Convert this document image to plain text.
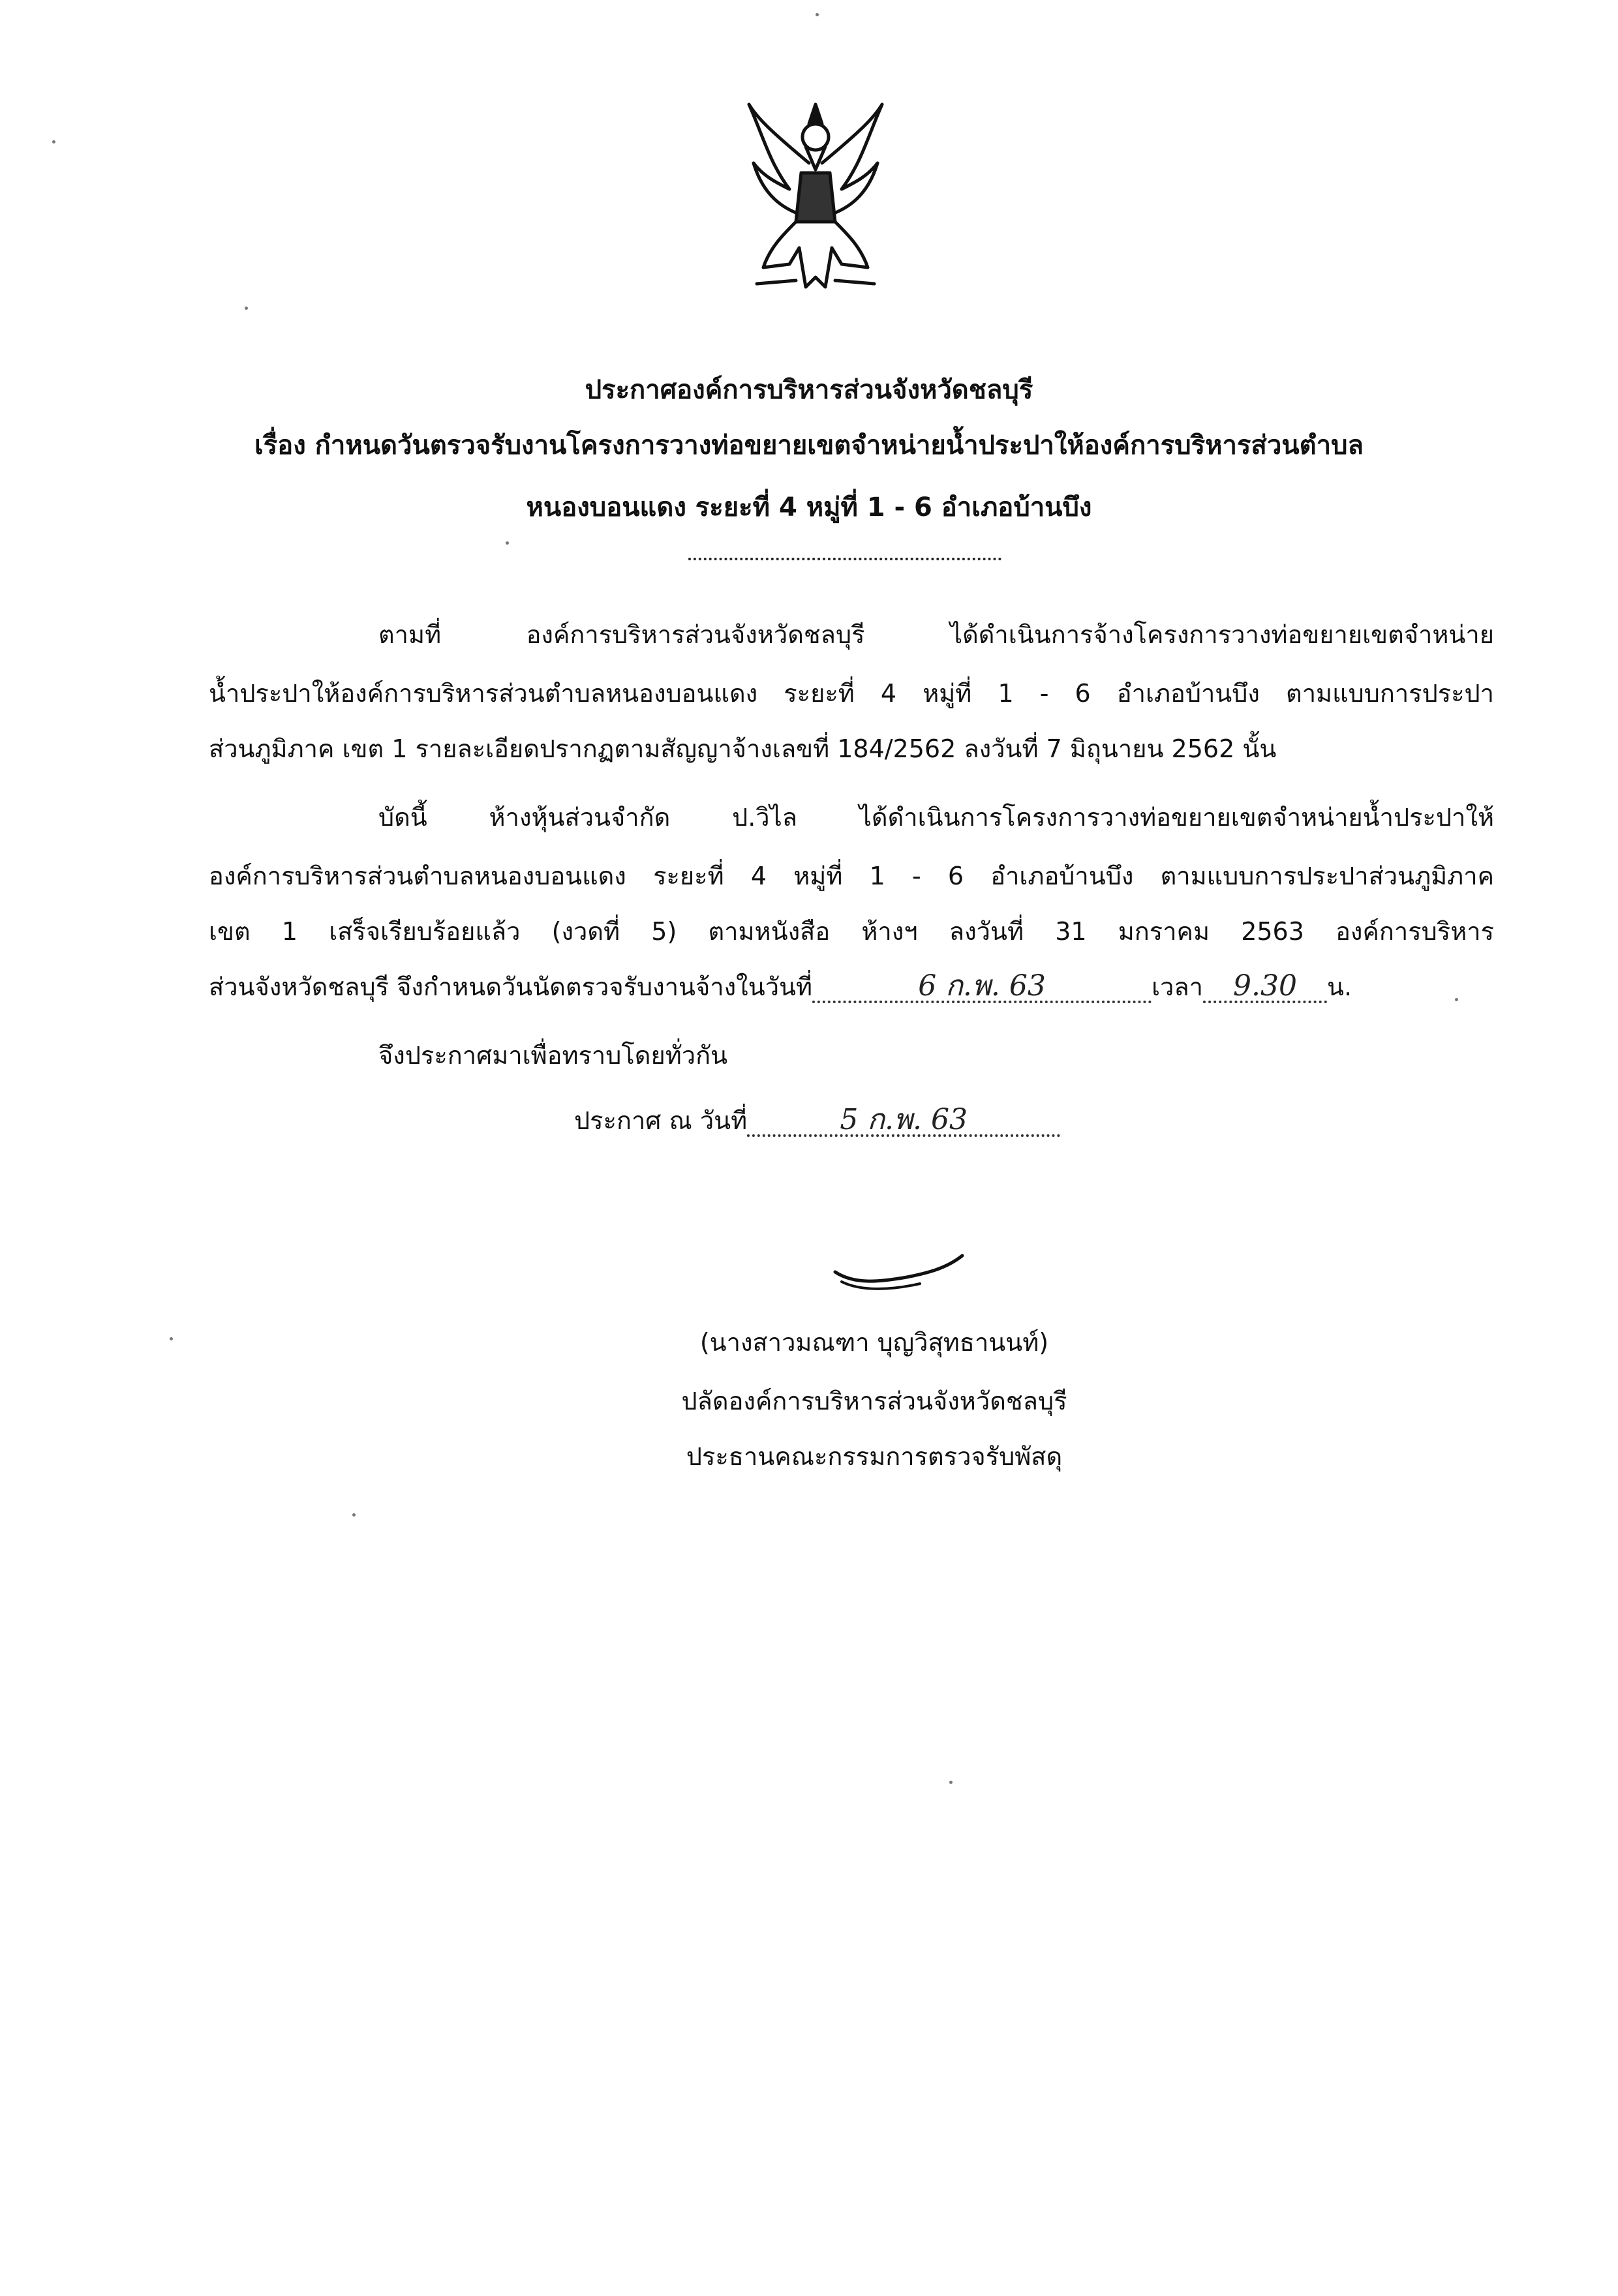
ประกาศองค์การบริหารส่วนจังหวัดชลบุรี
เรื่อง กำหนดวันตรวจรับงานโครงการวางท่อขยายเขตจำหน่ายน้ำประปาให้องค์การบริหารส่วนตำบล
หนองบอนแดง ระยะที่ 4 หมู่ที่ 1 - 6 อำเภอบ้านบึง
ตามที่ องค์การบริหารส่วนจังหวัดชลบุรี ได้ดำเนินการจ้างโครงการวางท่อขยายเขตจำหน่าย
น้ำประปาให้องค์การบริหารส่วนตำบลหนองบอนแดง ระยะที่ 4 หมู่ที่ 1 - 6 อำเภอบ้านบึง ตามแบบการประปา
ส่วนภูมิภาค เขต 1 รายละเอียดปรากฏตามสัญญาจ้างเลขที่ 184/2562 ลงวันที่ 7 มิถุนายน 2562 นั้น
บัดนี้ ห้างหุ้นส่วนจำกัด ป.วิไล ได้ดำเนินการโครงการวางท่อขยายเขตจำหน่ายน้ำประปาให้
องค์การบริหารส่วนตำบลหนองบอนแดง ระยะที่ 4 หมู่ที่ 1 - 6 อำเภอบ้านบึง ตามแบบการประปาส่วนภูมิภาค
เขต 1 เสร็จเรียบร้อยแล้ว (งวดที่ 5) ตามหนังสือ ห้างฯ ลงวันที่ 31 มกราคม 2563 องค์การบริหาร
ส่วนจังหวัดชลบุรี จึงกำหนดวันนัดตรวจรับงานจ้างในวันที่	6 ก.พ. 63	เวลา 9.30 น.
จึงประกาศมาเพื่อทราบโดยทั่วกัน
ประกาศ ณ วันที่	5 ก.พ. 63
(นางสาวมณฑา บุญวิสุทธานนท์)
ปลัดองค์การบริหารส่วนจังหวัดชลบุรี
ประธานคณะกรรมการตรวจรับพัสดุ
